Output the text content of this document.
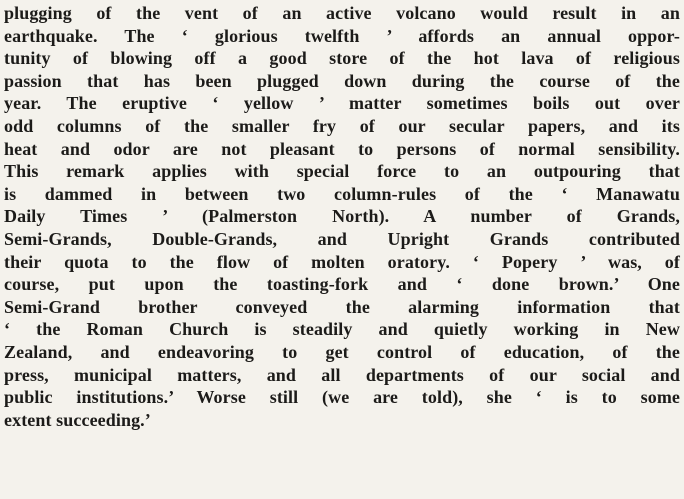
plugging of the vent of an active volcano would result in an
earthquake. The ‘ glorious twelfth ’ affords an annual oppor-
tunity of blowing off a good store of the hot lava of religious
passion that has been plugged down during the course of the
year. The eruptive ‘ yellow ’ matter sometimes boils out over
odd columns of the smaller fry of our secular papers, and its
heat and odor are not pleasant to persons of normal sensibility.
This remark applies with special force to an outpouring that
is dammed in between two column-rules of the ‘ Manawatu
Daily Times ’ (Palmerston North). A number of Grands,
Semi-Grands, Double-Grands, and Upright Grands contributed
their quota to the flow of molten oratory. ‘ Popery ’ was, of
course, put upon the toasting-fork and ‘ done brown.’ One
Semi-Grand brother conveyed the alarming information that
‘ the Roman Church is steadily and quietly working in New
Zealand, and endeavoring to get control of education, of the
press, municipal matters, and all departments of our social and
public institutions.’ Worse still (we are told), she ‘ is to some
extent succeeding.’
